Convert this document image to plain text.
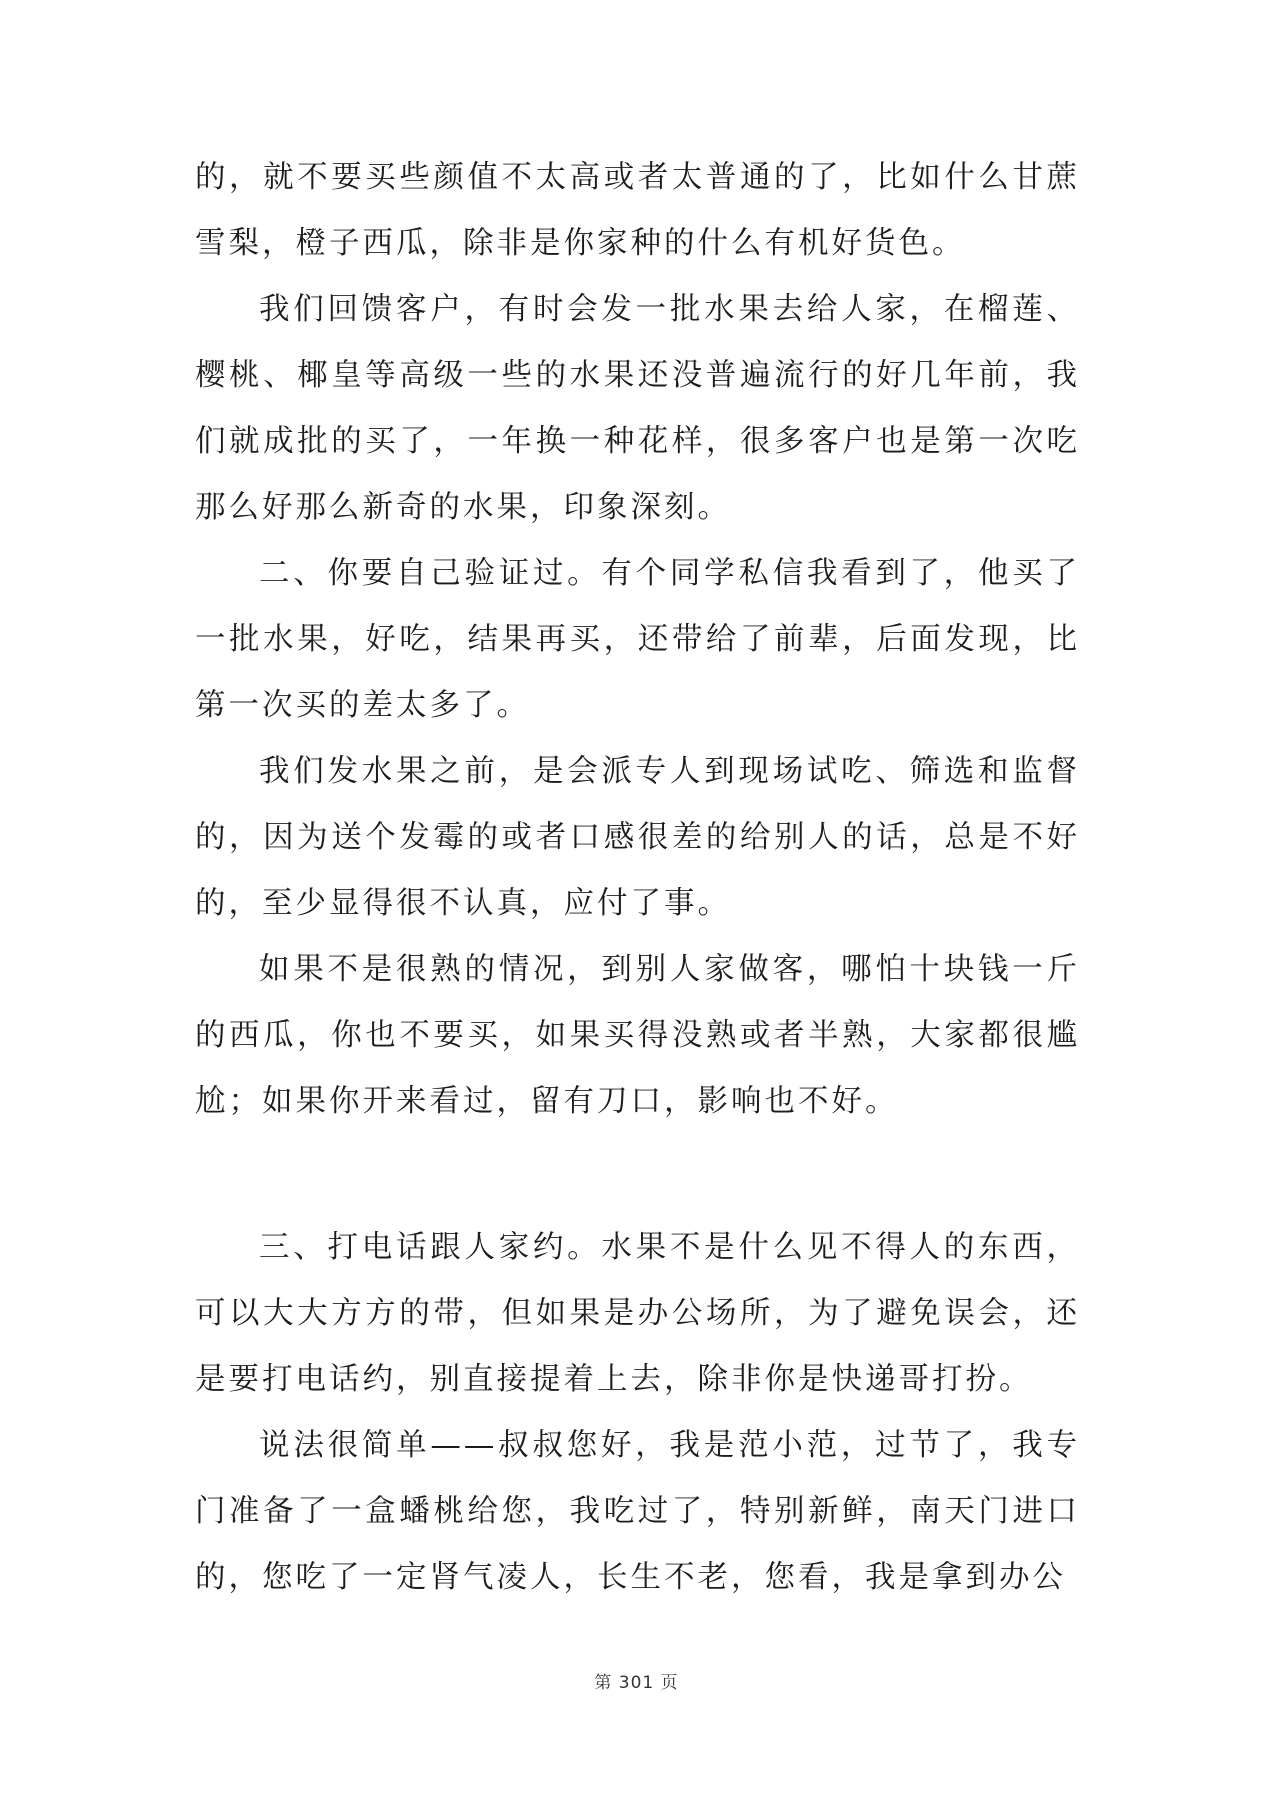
的，就不要买些颜值不太高或者太普通的了，比如什么甘蔗雪梨，橙子西瓜，除非是你家种的什么有机好货色。

我们回馈客户，有时会发一批水果去给人家，在榴莲、樱桃、椰皇等高级一些的水果还没普遍流行的好几年前，我们就成批的买了，一年换一种花样，很多客户也是第一次吃那么好那么新奇的水果，印象深刻。

二、你要自己验证过。有个同学私信我看到了，他买了一批水果，好吃，结果再买，还带给了前辈，后面发现，比第一次买的差太多了。

我们发水果之前，是会派专人到现场试吃、筛选和监督的，因为送个发霉的或者口感很差的给别人的话，总是不好的，至少显得很不认真，应付了事。

如果不是很熟的情况，到别人家做客，哪怕十块钱一斤的西瓜，你也不要买，如果买得没熟或者半熟，大家都很尴尬；如果你开来看过，留有刀口，影响也不好。

三、打电话跟人家约。水果不是什么见不得人的东西，可以大大方方的带，但如果是办公场所，为了避免误会，还是要打电话约，别直接提着上去，除非你是快递哥打扮。

说法很简单——叔叔您好，我是范小范，过节了，我专门准备了一盒蟠桃给您，我吃过了，特别新鲜，南天门进口的，您吃了一定肾气凌人，长生不老，您看，我是拿到办公

第 301 页
